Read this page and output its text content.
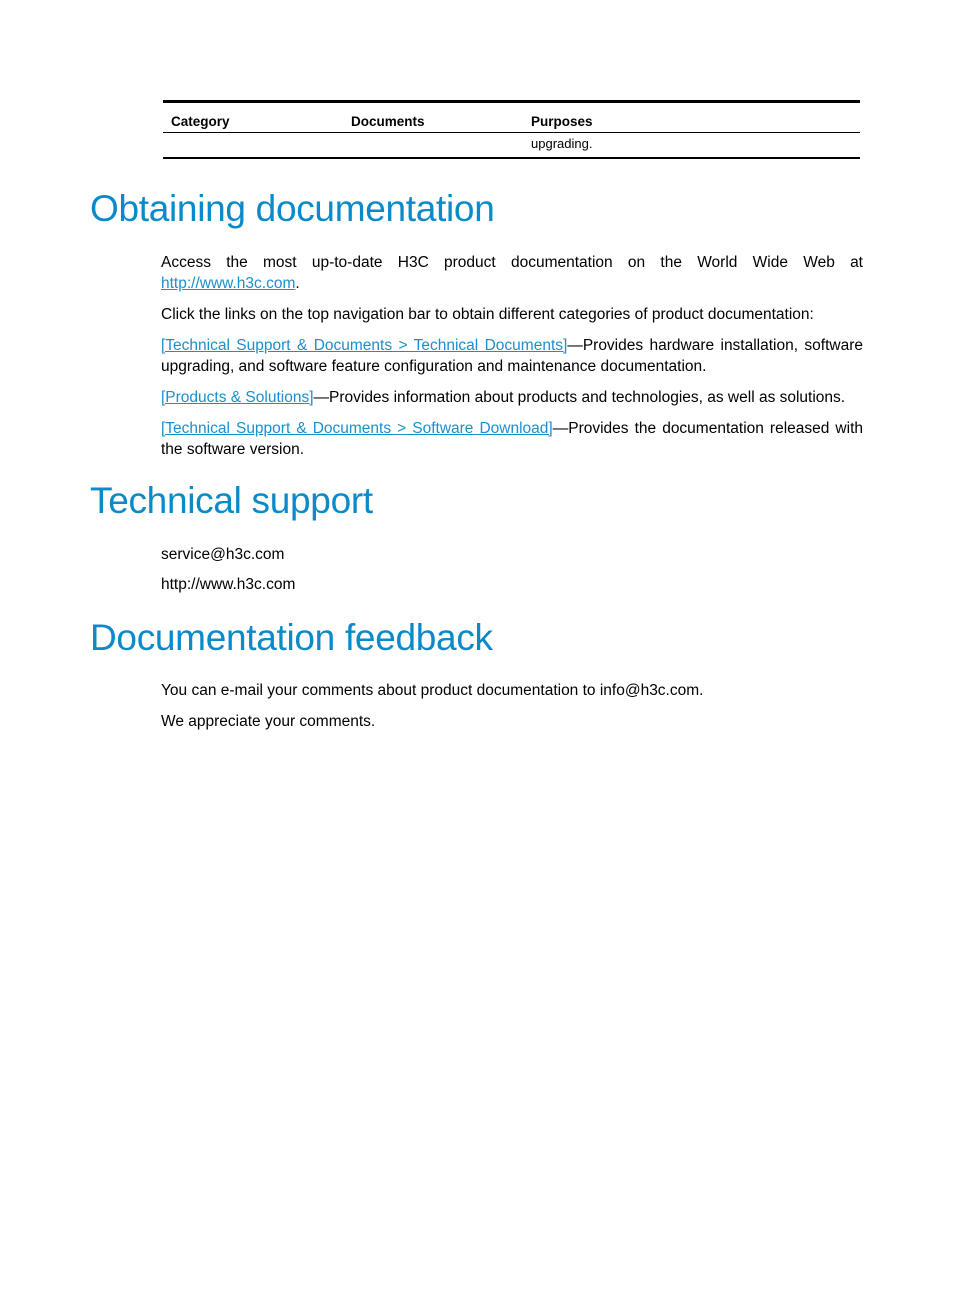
Category	Documents	Purposes
		upgrading.
Obtaining documentation

Access the most up-to-date H3C product documentation on the World Wide Web at http://www.h3c.com.

Click the links on the top navigation bar to obtain different categories of product documentation:

[Technical Support & Documents > Technical Documents]—Provides hardware installation, software upgrading, and software feature configuration and maintenance documentation.

[Products & Solutions]—Provides information about products and technologies, as well as solutions.

[Technical Support & Documents > Software Download]—Provides the documentation released with the software version.

Technical support

service@h3c.com

http://www.h3c.com

Documentation feedback

You can e-mail your comments about product documentation to info@h3c.com.

We appreciate your comments.
